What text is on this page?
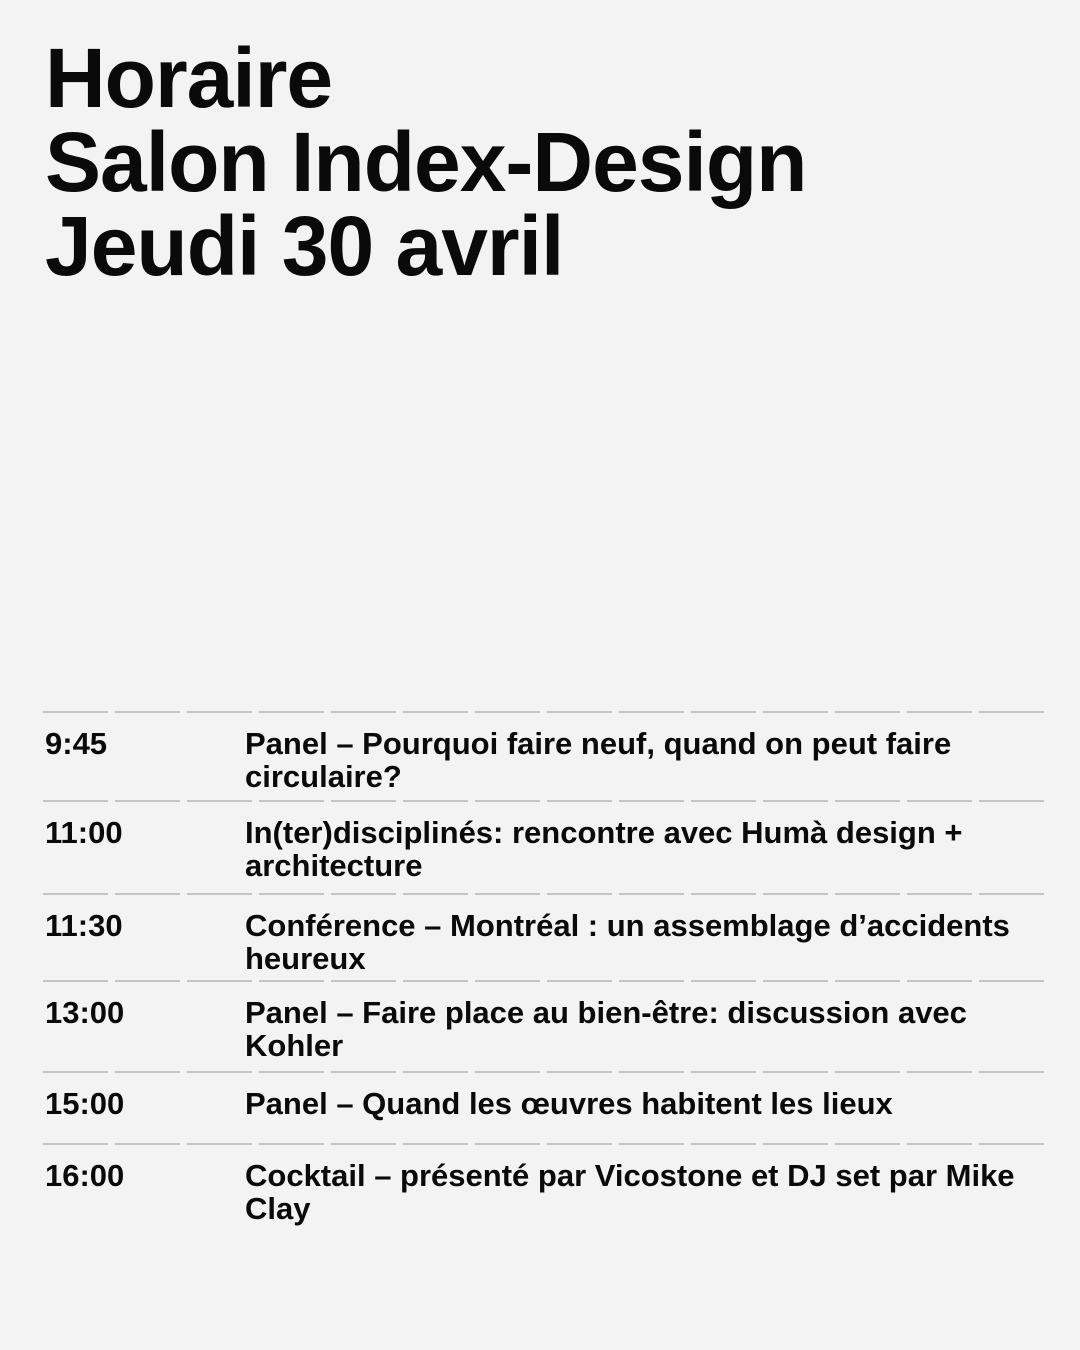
Horaire
Salon Index-Design
Jeudi 30 avril
9:45	Panel – Pourquoi faire neuf, quand on peut faire circulaire?
11:00	In(ter)disciplinés: rencontre avec Humà design + architecture
11:30	Conférence – Montréal : un assemblage d’accidents heureux
13:00	Panel – Faire place au bien-être: discussion avec Kohler
15:00	Panel – Quand les œuvres habitent les lieux
16:00	Cocktail – présenté par Vicostone et DJ set par Mike Clay
